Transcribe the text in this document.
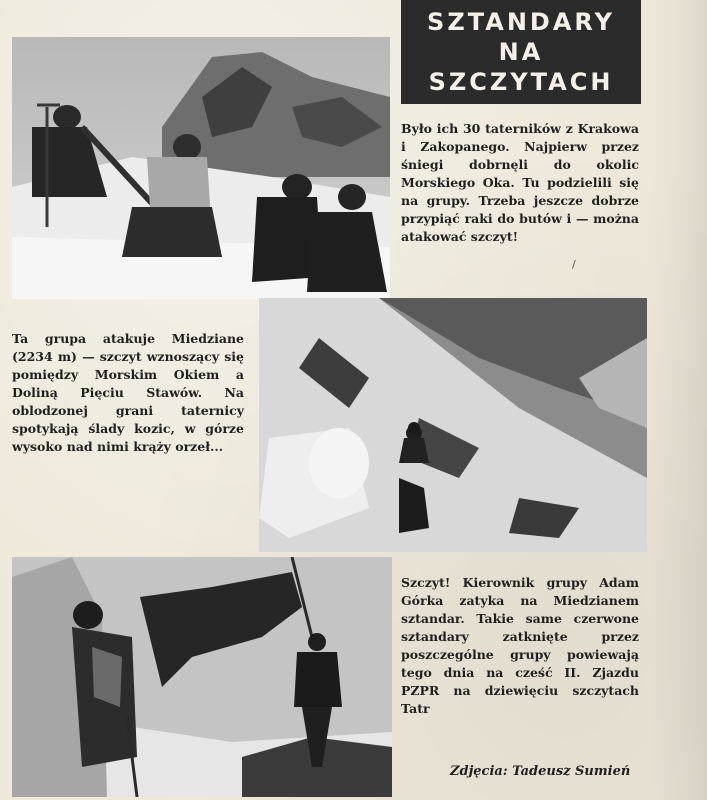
SZTANDARY
NA
SZCZYTACH

Było ich 30 taterników z Krakowa i Zakopanego. Najpierw przez śniegi dobrnęli do okolic Morskiego Oka. Tu podzielili się na grupy. Trzeba jeszcze dobrze przypiąć raki do butów i — można atakować szczyt!

/

Ta grupa atakuje Miedziane (2234 m) — szczyt wznoszący się pomiędzy Morskim Okiem a Doliną Pięciu Stawów. Na oblodzonej grani taternicy spotykają ślady kozic, w górze wysoko nad nimi krąży orzeł...

Szczyt! Kierownik grupy Adam Górka zatyka na Miedzianem sztandar. Takie same czerwone sztandary zatknięte przez poszczególne grupy powiewają tego dnia na cześć II. Zjazdu PZPR na dziewięciu szczytach Tatr

Zdjęcia: Tadeusz Sumień
